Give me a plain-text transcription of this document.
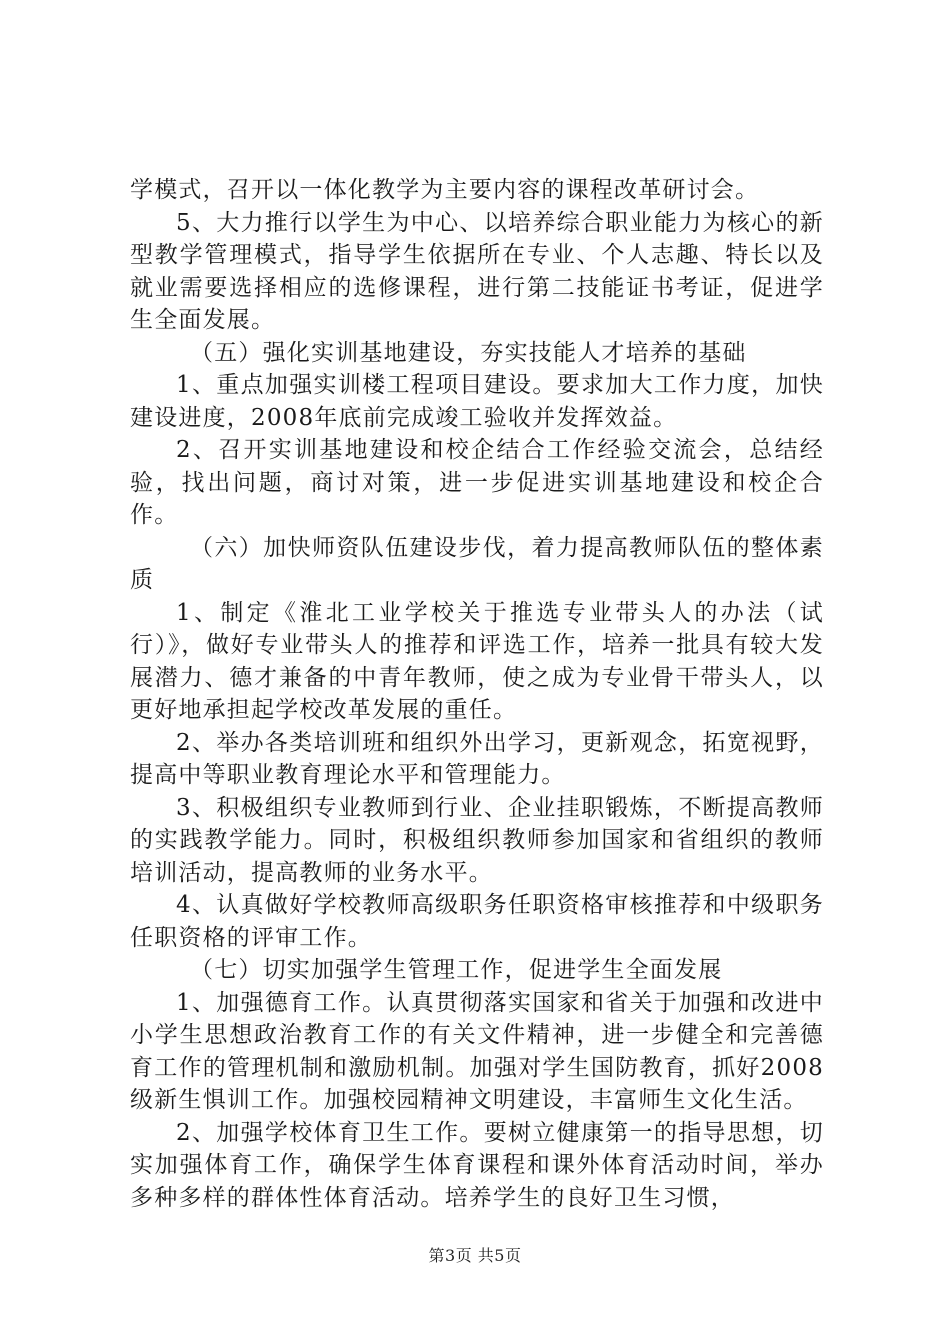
学模式，召开以一体化教学为主要内容的课程改革研讨会。

5、大力推行以学生为中心、以培养综合职业能力为核心的新型教学管理模式，指导学生依据所在专业、个人志趣、特长以及就业需要选择相应的选修课程，进行第二技能证书考证，促进学生全面发展。

（五）强化实训基地建设，夯实技能人才培养的基础

1、重点加强实训楼工程项目建设。要求加大工作力度，加快建设进度，2008年底前完成竣工验收并发挥效益。

2、召开实训基地建设和校企结合工作经验交流会，总结经验，找出问题，商讨对策，进一步促进实训基地建设和校企合作。

（六）加快师资队伍建设步伐，着力提高教师队伍的整体素质

1、制定《淮北工业学校关于推选专业带头人的办法（试行）》，做好专业带头人的推荐和评选工作，培养一批具有较大发展潜力、德才兼备的中青年教师，使之成为专业骨干带头人，以更好地承担起学校改革发展的重任。

2、举办各类培训班和组织外出学习，更新观念，拓宽视野，提高中等职业教育理论水平和管理能力。

3、积极组织专业教师到行业、企业挂职锻炼，不断提高教师的实践教学能力。同时，积极组织教师参加国家和省组织的教师培训活动，提高教师的业务水平。

4、认真做好学校教师高级职务任职资格审核推荐和中级职务任职资格的评审工作。

（七）切实加强学生管理工作，促进学生全面发展

1、加强德育工作。认真贯彻落实国家和省关于加强和改进中小学生思想政治教育工作的有关文件精神，进一步健全和完善德育工作的管理机制和激励机制。加强对学生国防教育，抓好2008级新生惧训工作。加强校园精神文明建设，丰富师生文化生活。

2、加强学校体育卫生工作。要树立健康第一的指导思想，切实加强体育工作，确保学生体育课程和课外体育活动时间，举办多种多样的群体性体育活动。培养学生的良好卫生习惯，

第3页 共5页
